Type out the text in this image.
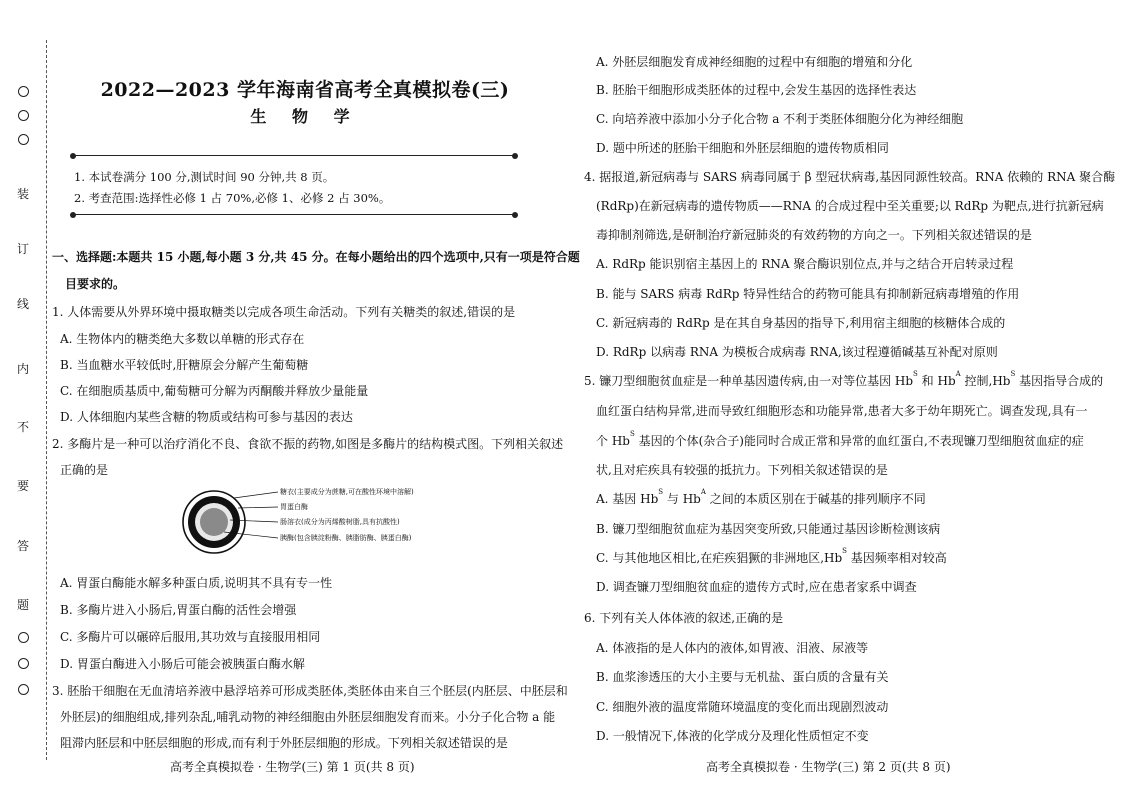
装
订
线
内
不
要
答
题
2022—2023 学年海南省高考全真模拟卷(三)
生 物 学
1. 本试卷满分 100 分,测试时间 90 分钟,共 8 页。
2. 考查范围:选择性必修 1 占 70%,必修 1、必修 2 占 30%。
一、选择题:本题共 15 小题,每小题 3 分,共 45 分。在每小题给出的四个选项中,只有一项是符合题
目要求的。
1. 人体需要从外界环境中摄取糖类以完成各项生命活动。下列有关糖类的叙述,错误的是
A. 生物体内的糖类绝大多数以单糖的形式存在
B. 当血糖水平较低时,肝糖原会分解产生葡萄糖
C. 在细胞质基质中,葡萄糖可分解为丙酮酸并释放少量能量
D. 人体细胞内某些含糖的物质或结构可参与基因的表达
2. 多酶片是一种可以治疗消化不良、食欲不振的药物,如图是多酶片的结构模式图。下列相关叙述
正确的是
糖衣(主要成分为蔗糖,可在酸性环境中溶解)
胃蛋白酶
肠溶衣(成分为丙烯酸树脂,具有抗酸性)
胰酶(包含胰淀粉酶、胰脂肪酶、胰蛋白酶)
A. 胃蛋白酶能水解多种蛋白质,说明其不具有专一性
B. 多酶片进入小肠后,胃蛋白酶的活性会增强
C. 多酶片可以碾碎后服用,其功效与直接服用相同
D. 胃蛋白酶进入小肠后可能会被胰蛋白酶水解
3. 胚胎干细胞在无血清培养液中悬浮培养可形成类胚体,类胚体由来自三个胚层(内胚层、中胚层和
外胚层)的细胞组成,排列杂乱,哺乳动物的神经细胞由外胚层细胞发育而来。小分子化合物 a 能
阻滞内胚层和中胚层细胞的形成,而有利于外胚层细胞的形成。下列相关叙述错误的是
高考全真模拟卷 · 生物学(三) 第 1 页(共 8 页)
A. 外胚层细胞发育成神经细胞的过程中有细胞的增殖和分化
B. 胚胎干细胞形成类胚体的过程中,会发生基因的选择性表达
C. 向培养液中添加小分子化合物 a 不利于类胚体细胞分化为神经细胞
D. 题中所述的胚胎干细胞和外胚层细胞的遗传物质相同
4. 据报道,新冠病毒与 SARS 病毒同属于 β 型冠状病毒,基因同源性较高。RNA 依赖的 RNA 聚合酶
(RdRp)在新冠病毒的遗传物质——RNA 的合成过程中至关重要;以 RdRp 为靶点,进行抗新冠病
毒抑制剂筛选,是研制治疗新冠肺炎的有效药物的方向之一。下列相关叙述错误的是
A. RdRp 能识别宿主基因上的 RNA 聚合酶识别位点,并与之结合开启转录过程
B. 能与 SARS 病毒 RdRp 特异性结合的药物可能具有抑制新冠病毒增殖的作用
C. 新冠病毒的 RdRp 是在其自身基因的指导下,利用宿主细胞的核糖体合成的
D. RdRp 以病毒 RNA 为模板合成病毒 RNA,该过程遵循碱基互补配对原则
5. 镰刀型细胞贫血症是一种单基因遗传病,由一对等位基因 $Hb^S$ 和 $Hb^A$ 控制$,Hb^S$ 基因指导合成的
血红蛋白结构异常,进而导致红细胞形态和功能异常,患者大多于幼年期死亡。调查发现,具有一
个 $Hb^S$ 基因的个体(杂合子)能同时合成正常和异常的血红蛋白,不表现镰刀型细胞贫血症的症
状,且对疟疾具有较强的抵抗力。下列相关叙述错误的是
A. 基因 $Hb^S$ 与 $Hb^A$ 之间的本质区别在于碱基的排列顺序不同
B. 镰刀型细胞贫血症为基因突变所致,只能通过基因诊断检测该病
C. 与其他地区相比,在疟疾猖獗的非洲地区$,Hb^S$ 基因频率相对较高
D. 调查镰刀型细胞贫血症的遗传方式时,应在患者家系中调查
6. 下列有关人体体液的叙述,正确的是
A. 体液指的是人体内的液体,如胃液、泪液、尿液等
B. 血浆渗透压的大小主要与无机盐、蛋白质的含量有关
C. 细胞外液的温度常随环境温度的变化而出现剧烈波动
D. 一般情况下,体液的化学成分及理化性质恒定不变
高考全真模拟卷 · 生物学(三) 第 2 页(共 8 页)
